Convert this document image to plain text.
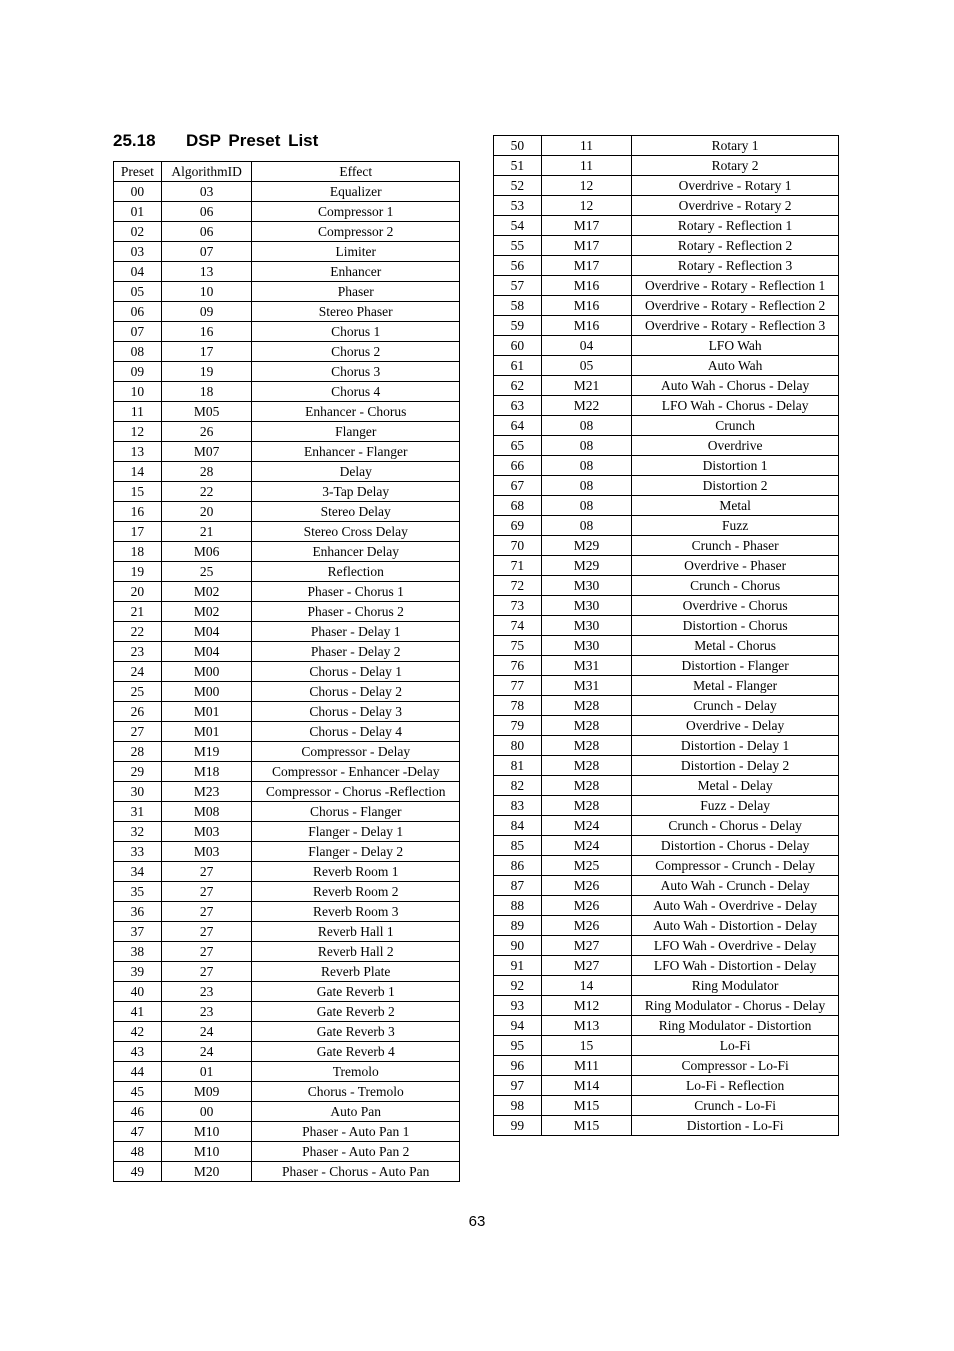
25.18 DSP Preset List
Preset	AlgorithmID	Effect
00	03	Equalizer
01	06	Compressor 1
02	06	Compressor 2
03	07	Limiter
04	13	Enhancer
05	10	Phaser
06	09	Stereo Phaser
07	16	Chorus 1
08	17	Chorus 2
09	19	Chorus 3
10	18	Chorus 4
11	M05	Enhancer - Chorus
12	26	Flanger
13	M07	Enhancer - Flanger
14	28	Delay
15	22	3-Tap Delay
16	20	Stereo Delay
17	21	Stereo Cross Delay
18	M06	Enhancer Delay
19	25	Reflection
20	M02	Phaser - Chorus 1
21	M02	Phaser - Chorus 2
22	M04	Phaser - Delay 1
23	M04	Phaser - Delay 2
24	M00	Chorus - Delay 1
25	M00	Chorus - Delay 2
26	M01	Chorus - Delay 3
27	M01	Chorus - Delay 4
28	M19	Compressor - Delay
29	M18	Compressor - Enhancer -Delay
30	M23	Compressor - Chorus -Reflection
31	M08	Chorus - Flanger
32	M03	Flanger - Delay 1
33	M03	Flanger - Delay 2
34	27	Reverb Room 1
35	27	Reverb Room 2
36	27	Reverb Room 3
37	27	Reverb Hall 1
38	27	Reverb Hall 2
39	27	Reverb Plate
40	23	Gate Reverb 1
41	23	Gate Reverb 2
42	24	Gate Reverb 3
43	24	Gate Reverb 4
44	01	Tremolo
45	M09	Chorus - Tremolo
46	00	Auto Pan
47	M10	Phaser - Auto Pan 1
48	M10	Phaser - Auto Pan 2
49	M20	Phaser - Chorus - Auto Pan
50	11	Rotary 1
51	11	Rotary 2
52	12	Overdrive - Rotary 1
53	12	Overdrive - Rotary 2
54	M17	Rotary - Reflection 1
55	M17	Rotary - Reflection 2
56	M17	Rotary - Reflection 3
57	M16	Overdrive - Rotary - Reflection 1
58	M16	Overdrive - Rotary - Reflection 2
59	M16	Overdrive - Rotary - Reflection 3
60	04	LFO Wah
61	05	Auto Wah
62	M21	Auto Wah - Chorus - Delay
63	M22	LFO Wah - Chorus - Delay
64	08	Crunch
65	08	Overdrive
66	08	Distortion 1
67	08	Distortion 2
68	08	Metal
69	08	Fuzz
70	M29	Crunch - Phaser
71	M29	Overdrive - Phaser
72	M30	Crunch - Chorus
73	M30	Overdrive - Chorus
74	M30	Distortion - Chorus
75	M30	Metal - Chorus
76	M31	Distortion - Flanger
77	M31	Metal - Flanger
78	M28	Crunch - Delay
79	M28	Overdrive - Delay
80	M28	Distortion - Delay 1
81	M28	Distortion - Delay 2
82	M28	Metal - Delay
83	M28	Fuzz - Delay
84	M24	Crunch - Chorus - Delay
85	M24	Distortion - Chorus - Delay
86	M25	Compressor - Crunch - Delay
87	M26	Auto Wah - Crunch - Delay
88	M26	Auto Wah - Overdrive - Delay
89	M26	Auto Wah - Distortion - Delay
90	M27	LFO Wah - Overdrive - Delay
91	M27	LFO Wah - Distortion - Delay
92	14	Ring Modulator
93	M12	Ring Modulator - Chorus - Delay
94	M13	Ring Modulator - Distortion
95	15	Lo-Fi
96	M11	Compressor - Lo-Fi
97	M14	Lo-Fi - Reflection
98	M15	Crunch - Lo-Fi
99	M15	Distortion - Lo-Fi
63
